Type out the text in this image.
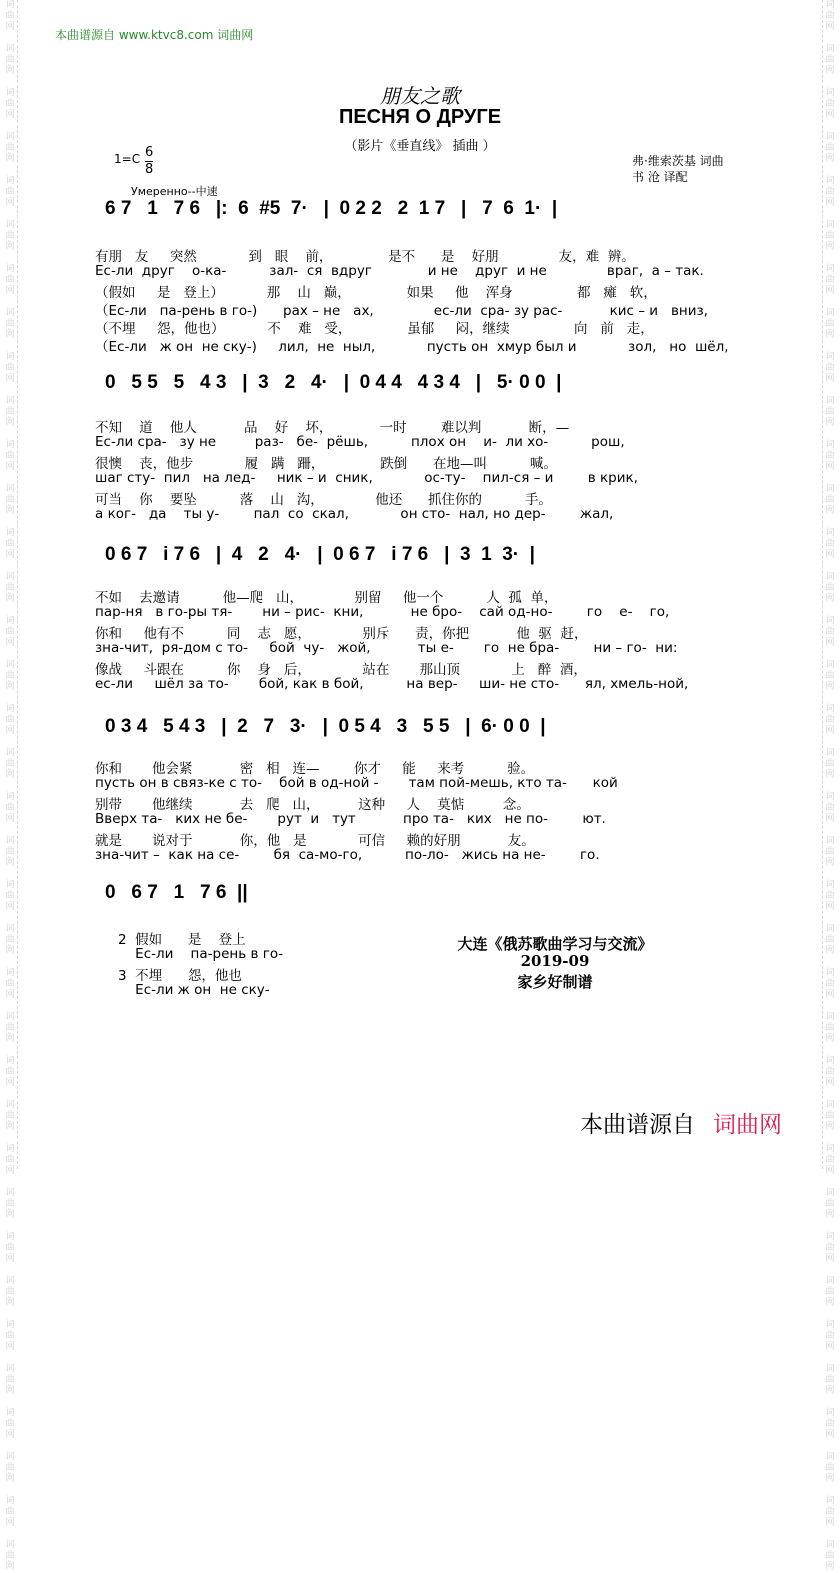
词
曲
网

词
曲
网

词
曲
网

词
曲
网

词
曲
网

词
曲
网

词
曲
网

词
曲
网

词
曲
网

词
曲
网

词
曲
网

词
曲
网

词
曲
网

词
曲
网

词
曲
网

词
曲
网

词
曲
网

词
曲
网

词
曲
网

词
曲
网

词
曲
网

词
曲
网

词
曲
网

词
曲
网

词
曲
网

词
曲
网

词
曲
网

词
曲
网

词
曲
网

词
曲
网

词
曲
网

词
曲
网

词
曲
网

词
曲
网

词
曲
网

词
曲
网

词
曲
网

词
曲
网

词
曲
网

词
曲
网

词
曲
网

词
曲
网

词
曲
网

词
曲
网

词
曲
网

词
曲
网

词
曲
网

词
曲
网

词
曲
网

词
曲
网

词
曲
网

词
曲
网

词
曲
网

词
曲
网

词
曲
网

词
曲
网

词
曲
网

词
曲
网

词
曲
网

词
曲
网

词
曲
网

词
曲
网

词
曲
网

词
曲
网

词
曲
网

词
曲
网

词
曲
网

词
曲
网

词
曲
网

词
曲
网

词
曲
网

词
曲
网

本曲谱源自 www.ktvc8.com 词曲网
朋友之歌
ПЕСНЯ О ДРУГЕ
（影片《垂直线》 插曲 ）
$1=C \frac{6}{8}$
Умеренно--中速
弗·维索茨基 词曲
书 沧 译配
6 7   1   7 6   |:  6  #5  7·   |  0 2 2   2  1 7   |   7  6  1·  |
有朋   友     突然            到   眼    前，             是不      是    好朋              友，难  辨。
Ес-ли  друг    о-ка-          зал-  ся  вдруг             и не    друг  и не              враг,  а – так.
（假如     是   登上）          那    山   巅，             如果     他    浑身               都   瘫   软，
（Ес-ли   па-рень в го-)      рах – не   ах,              ес-ли  сра- зу рас-           кис – и   вниз,
（不埋     怨，他也）          不    难   受，             虽郁     闷，继续               向   前   走，
（Ес-ли   ж он  не ску-)     лил,  не  ныл,            пусть он  хмур был и            зол,   но  шёл,
0   5 5   5   4 3   |  3   2   4·   |  0 4 4   4 3 4   |   5· 0 0  |
不知    道    他人           品    好    坏，           一时        难以判           断，—
Ес-ли сра-   зу не         раз-   бе-  рёшь,          плох он    и-  ли хо-          рош,
很懊    丧，他步            履   蹒   跚，             跌倒      在地—叫          喊。
шаг сту-  пил   на лед-     ник – и  сник,            ос-ту-    пил-ся – и        в крик,
可当    你    要坠          落    山   沟，            他还      抓住你的          手。
а ког-   да    ты у-        пал  со  скал,            он сто-  нал, но дер-        жал,
0 6 7   i 7 6   |  4   2   4·   |  0 6 7   i 7 6   |  3  1  3·  |
不如    去邀请          他—爬   山，            别留     他一个          人  孤  单，
пар-ня   в го-ры тя-       ни – рис-  кни,           не бро-    сай од-но-        го    е-    го,
你和     他有不          同    志   愿，            别斥      责，你把           他  驱  赶，
зна-чит,  ря-дом с то-     бой  чу-   жой,           ты е-       го  не бра-        ни – го-  ни:
像战     斗跟在          你    身   后，            站在       那山顶            上   醉  酒，
ес-ли     шёл за то-       бой, как в бой,          на вер-     ши- не сто-      ял, хмель-ной,
0 3 4   5 4 3   |  2   7   3·   |  0 5 4   3   5 5   |  6· 0 0  |
你和       他会紧           密   相   连—        你才     能     来考          验。
пусть он в связ-ке с то-    бой в од-ной -       там пой-мешь, кто та-      кой
别带       他继续           去   爬   山，         这种     人    莫惦         念。
Вверх та-   ких не бе-       рут  и   тут           про та-   ких   не по-        ют.
就是       说对于           你，他   是            可信     赖的好朋           友。
зна-чит –  как на се-        бя  са-мо-го,          по-ло-   жись на не-        го.
0   6 7   1   7 6  ||
2  假如      是    登上
Ес-ли    па-рень в го-
3  不埋      怨，他也
Ес-ли ж он  не ску-
大连《俄苏歌曲学习与交流》
2019-09
家乡好制谱
本曲谱源自 词曲网
